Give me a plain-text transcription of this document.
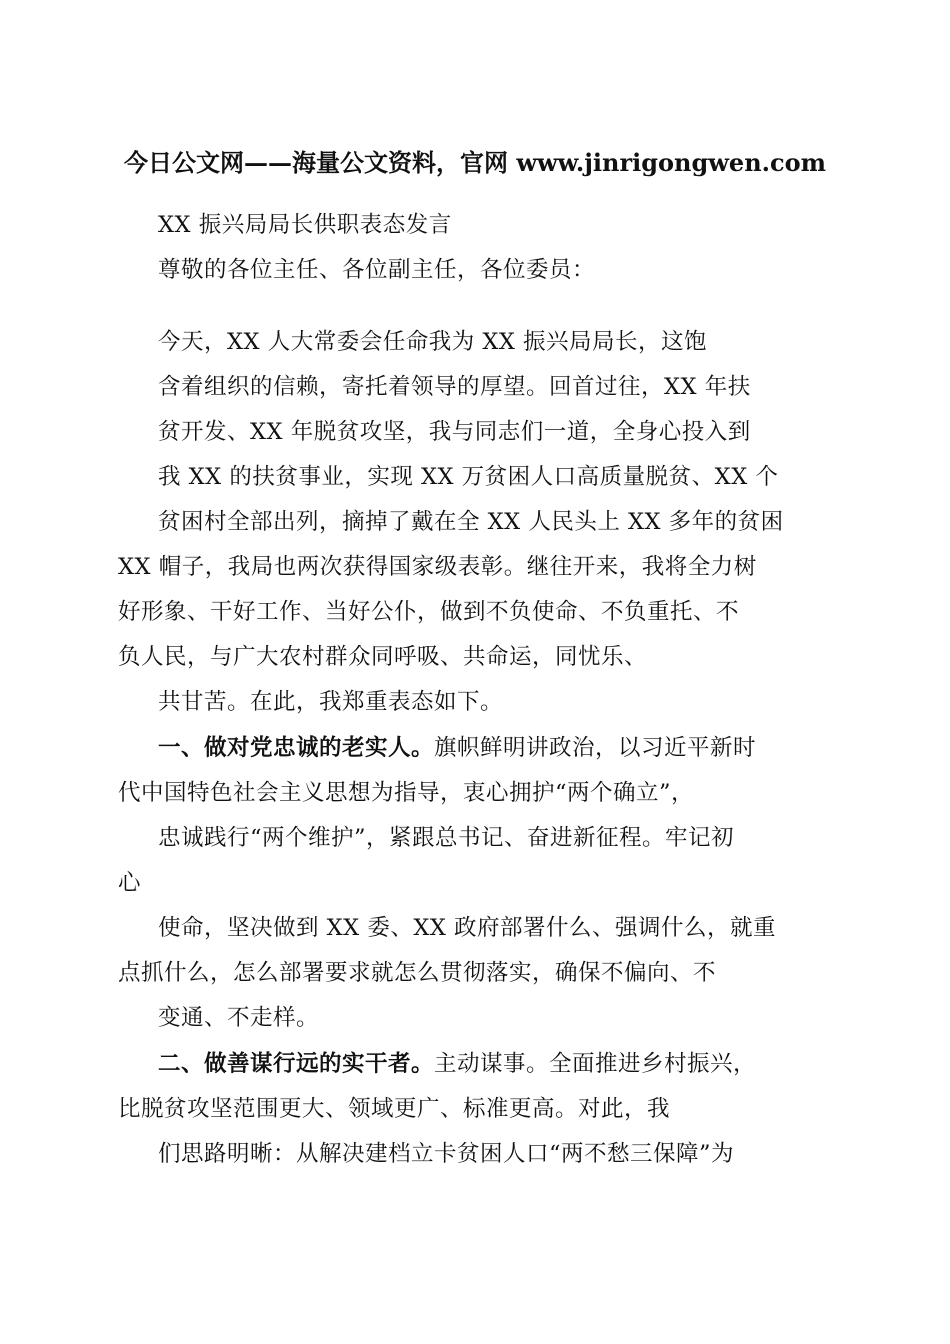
今日公文网——海量公文资料，官网 www.jinrigongwen.com
XX 振兴局局长供职表态发言
尊敬的各位主任、各位副主任，各位委员：
今天，XX 人大常委会任命我为 XX 振兴局局长，这饱
含着组织的信赖，寄托着领导的厚望。回首过往，XX 年扶
贫开发、XX 年脱贫攻坚，我与同志们一道，全身心投入到
我 XX 的扶贫事业，实现 XX 万贫困人口高质量脱贫、XX 个
贫困村全部出列，摘掉了戴在全 XX 人民头上 XX 多年的贫困
XX 帽子，我局也两次获得国家级表彰。继往开来，我将全力树
好形象、干好工作、当好公仆，做到不负使命、不负重托、不
负人民，与广大农村群众同呼吸、共命运，同忧乐、
共甘苦。在此，我郑重表态如下。
一、做对党忠诚的老实人。旗帜鲜明讲政治，以习近平新时
代中国特色社会主义思想为指导，衷心拥护“两个确立”，
忠诚践行“两个维护”，紧跟总书记、奋进新征程。牢记初
心
使命，坚决做到 XX 委、XX 政府部署什么、强调什么，就重
点抓什么，怎么部署要求就怎么贯彻落实，确保不偏向、不
变通、不走样。
二、做善谋行远的实干者。主动谋事。全面推进乡村振兴，
比脱贫攻坚范围更大、领域更广、标准更高。对此，我
们思路明晰：从解决建档立卡贫困人口“两不愁三保障”为
